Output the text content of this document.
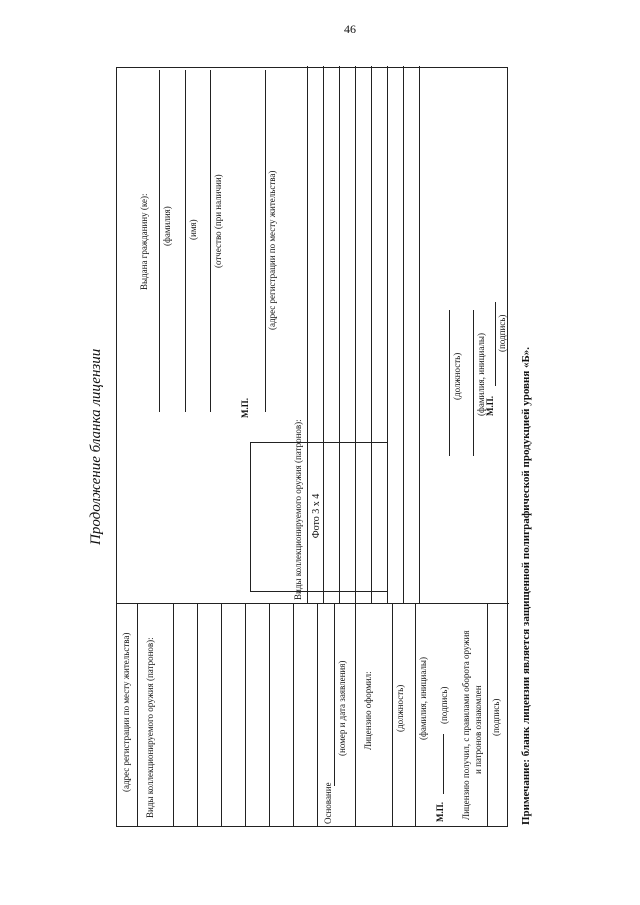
46
Продолжение бланка лицензии
(адрес регистрации по месту жительства) Виды коллекционируемого оружия (патронов):	Основание
(номер и дата заявления) Лицензию оформил: (должность) (фамилия, инициалы)
М.П.
(подпись) Лицензию получил, с правилами оборота оружия и патронов ознакомлен (подпись)
Фото 3 х 4
Выдана гражданину (ке): (фамилия) (имя) (отчество (при наличии)
М.П.
(адрес регистрации по месту жительства)
Виды коллекционируемого оружия (патронов):
(должность) (фамилия, инициалы) М.П.
(подпись)
Примечание: бланк лицензии является защищенной полиграфической продукцией уровня «Б».
